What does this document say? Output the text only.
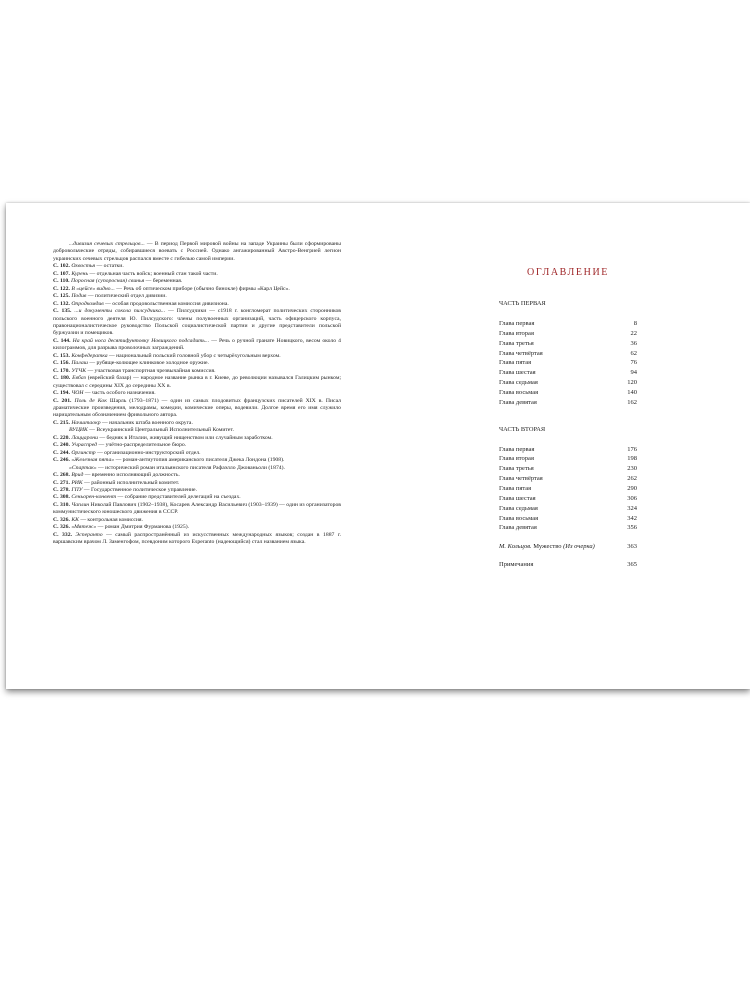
...дивизия сечевых стрельцов... — В период Первой мировой войны на западе Украины были сформированы добровольческие отряды, собиравшиеся воевать с Россией. Однако ангажированный Австро-Венгрией легион украинских сечевых стрельцов распался вместе с гибелью самой империи.

С. 102. Охвостья — остатки.

С. 107. Курень — отдельная часть войск; военный стан такой части.

С. 110. Поросная (супоросная) свинья — беременная.

С. 122. В «цейсе» видно... — Речь об оптическом приборе (обычно бинокле) фирмы «Карл Цейс».

С. 125. Подив — политический отдел дивизии.

С. 132. Опродкомдив — особая продовольственная комиссия дивизиона.

С. 135. ...и документы сокола пилсудчика... — Пилсудчики — с1918 г. конгломерат политических сторонников польского военного деятеля Ю. Пилсудского: члены полувоенных организаций, часть офицерского корпуса, правонационалистическое руководство Польской социалистической партии и другие представители польской буржуазии и помещиков.

С. 144. На край носа десятифунтовку Новицкого подсадить... — Речь о ручной гранате Новицкого, весом около 4 килограммов, для разрыва проволочных заграждений.

С. 153. Конфедератка — национальный польский головной убор с четырёхугольным верхом.

С. 156. Палаш — рубяще-колющее клинковое холодное оружие.

С. 170. УТЧК — участковая транспортная чрезвычайная комиссия.

С. 180. Евбаз (еврейский базар) — народное название рынка в г. Киеве, до революции назывался Галицким рынком; существовал с середины XIX до середины XX в.

С. 194. ЧОН — часть особого назначения.

С. 201. Поль де Кок Шарль (1793–1871) — один из самых плодовитых французских писателей XIX в. Писал драматические произведения, мелодрамы, комедии, комические оперы, водевили. Долгое время его имя служило нарицательным обозначением фривольного автора.

С. 215. Начштаокр — начальник штаба военного округа.

ВУЦИК — Всеукраинский Центральный Исполнительный Комитет.

С. 220. Лаццарони — бедняк в Италии, живущий нищенством или случайным заработком.

С. 240. Учраспред — учётно-распределительное бюро.

С. 244. Оргинстр — организационно-инструкторский отдел.

С. 246. «Железная пята» — роман-антиутопия американского писателя Джека Лондона (1908).

«Спартак» — исторический роман итальянского писателя Рафаэлло Джованьоли (1874).

С. 268. Врид — временно исполняющий должность.

С. 271. РИК — районный исполнительный комитет.

С. 278. ГПУ — Государственное политическое управление.

С. 308. Сеньорен-конвент — собрание представителей делегаций на съездах.

С. 310. Чаплин Николай Павлович (1902–1938), Косарев Александр Васильевич (1903–1939) — один из организаторов коммунистического юношеского движения в СССР.

С. 326. КК — контрольная комиссия.

С. 326. «Мятеж» — роман Дмитрия Фурманова (1925).

С. 332. Эсперанто — самый распространённый из искусственных международных языков; создан в 1887 г. варшавским врачом Л. Заменгофом, псевдоним которого Esperanto (надеющийся) стал названием языка.

ОГЛАВЛЕНИЕ
ЧАСТЬ ПЕРВАЯ
Глава первая	8
Глава вторая	22
Глава третья	36
Глава четвёртая	62
Глава пятая	76
Глава шестая	94
Глава седьмая	120
Глава восьмая	140
Глава девятая	162
ЧАСТЬ ВТОРАЯ
Глава первая	176
Глава вторая	198
Глава третья	230
Глава четвёртая	262
Глава пятая	290
Глава шестая	306
Глава седьмая	324
Глава восьмая	342
Глава девятая	356
М. Кольцов. Мужество (Из очерка)	363
Примечания	365
